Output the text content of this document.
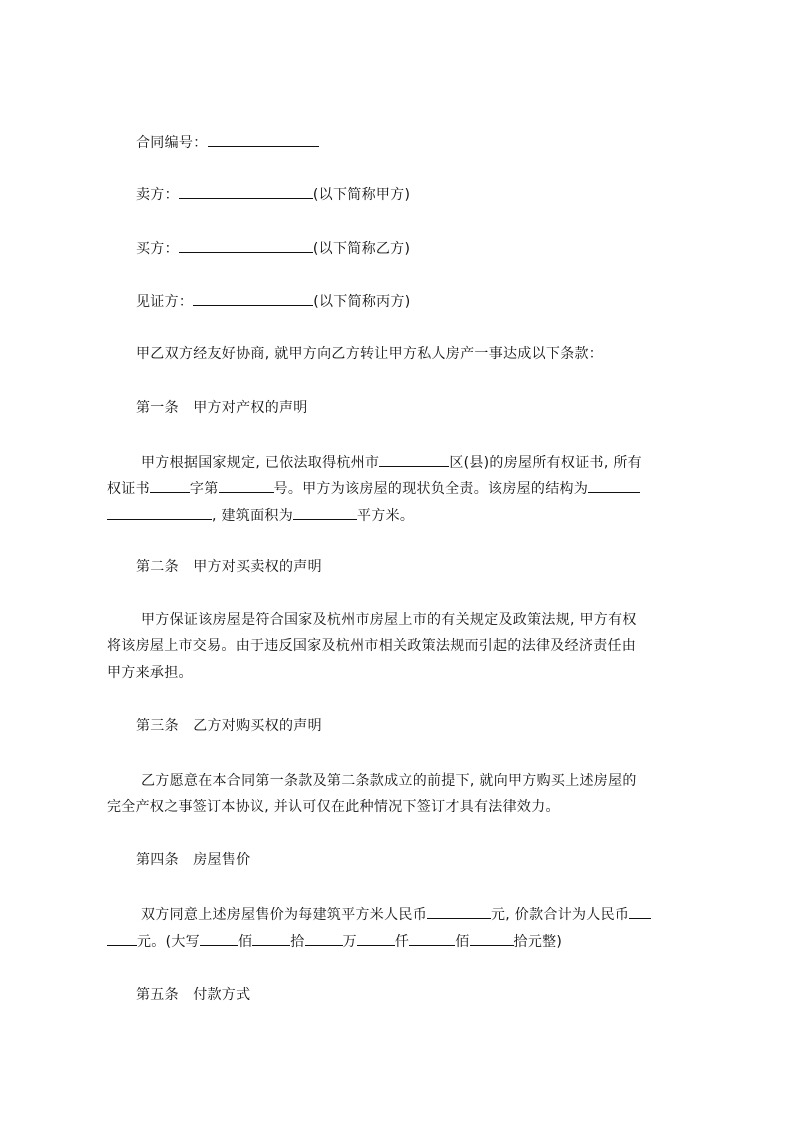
合同编号：
卖方：	(以下简称甲方)
买方：	(以下简称乙方)
见证方：	(以下简称丙方)
甲乙双方经友好协商, 就甲方向乙方转让甲方私人房产一事达成以下条款：
第一条　甲方对产权的声明
甲方根据国家规定, 已依法取得杭州市	区(县)的房屋所有权证书, 所有
权证书	字第	号。甲方为该房屋的现状负全责。该房屋的结构为
, 建筑面积为	平方米。
第二条　甲方对买卖权的声明
甲方保证该房屋是符合国家及杭州市房屋上市的有关规定及政策法规, 甲方有权
将该房屋上市交易。由于违反国家及杭州市相关政策法规而引起的法律及经济责任由
甲方来承担。
第三条　乙方对购买权的声明
乙方愿意在本合同第一条款及第二条款成立的前提下, 就向甲方购买上述房屋的
完全产权之事签订本协议, 并认可仅在此种情况下签订才具有法律效力。
第四条　房屋售价
双方同意上述房屋售价为每建筑平方米人民币	元, 价款合计为人民币
元。(大写	佰	拾	万	仟	佰	拾元整)
第五条　付款方式
